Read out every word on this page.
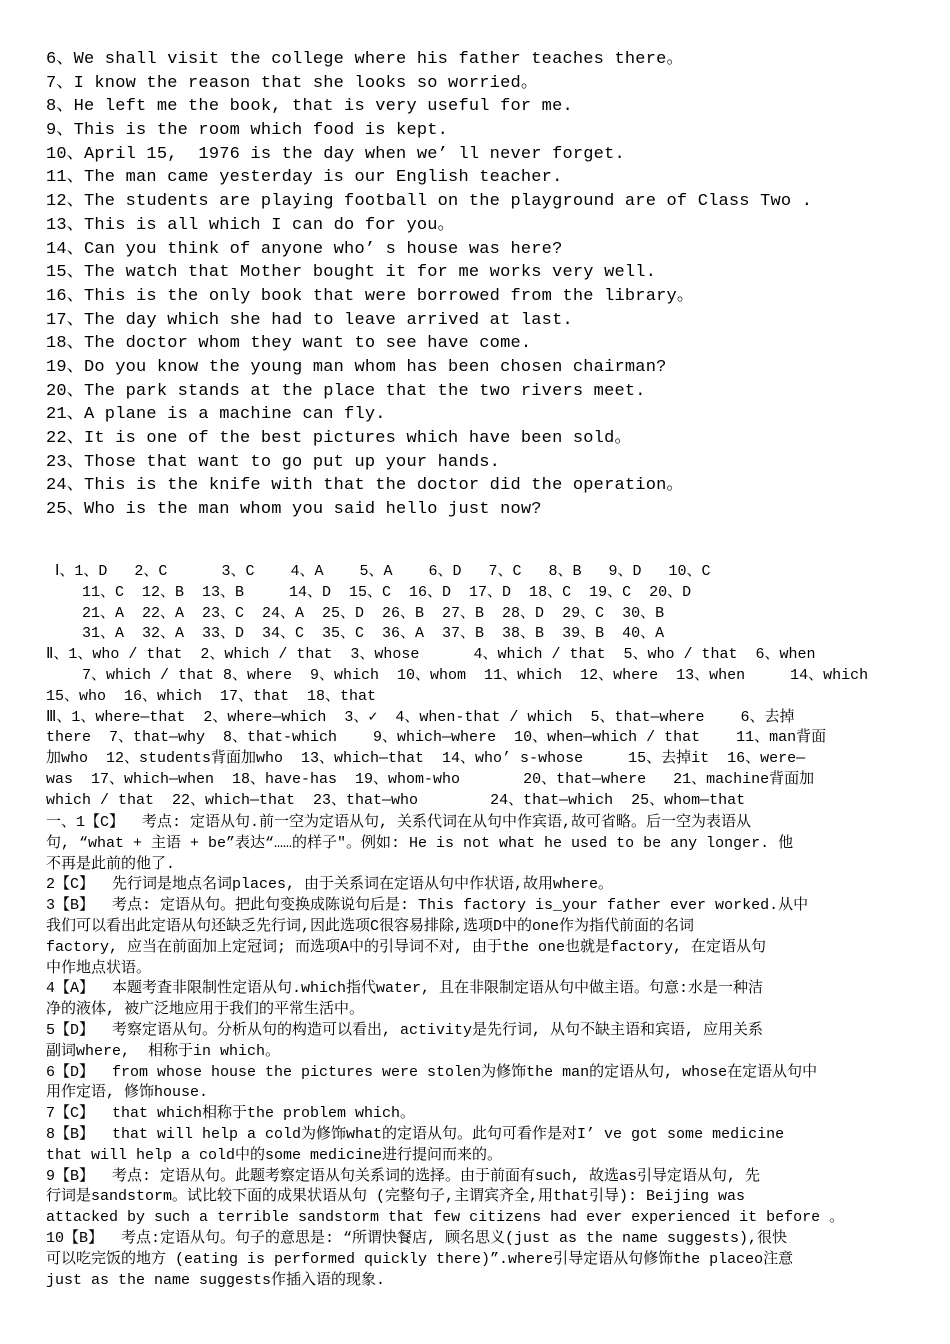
6、We shall visit the college where his father teaches there。
7、I know the reason that she looks so worried。
8、He left me the book, that is very useful for me.
9、This is the room which food is kept.
10、April 15,  1976 is the day when we’ ll never forget.
11、The man came yesterday is our English teacher.
12、The students are playing football on the playground are of Class Two .
13、This is all which I can do for you。
14、Can you think of anyone who’ s house was here?
15、The watch that Mother bought it for me works very well.
16、This is the only book that were borrowed from the library。
17、The day which she had to leave arrived at last.
18、The doctor whom they want to see have come.
19、Do you know the young man whom has been chosen chairman?
20、The park stands at the place that the two rivers meet.
21、A plane is a machine can fly.
22、It is one of the best pictures which have been sold。
23、Those that want to go put up your hands.
24、This is the knife with that the doctor did the operation。
25、Who is the man whom you said hello just now?
Ⅰ、1、D   2、C      3、C    4、A    5、A    6、D   7、C   8、B   9、D   10、C
11、C  12、B  13、B     14、D  15、C  16、D  17、D  18、C  19、C  20、D
21、A  22、A  23、C  24、A  25、D  26、B  27、B  28、D  29、C  30、B
31、A  32、A  33、D  34、C  35、C  36、A  37、B  38、B  39、B  40、A
Ⅱ、1、who / that  2、which / that  3、whose      4、which / that  5、who / that  6、when
7、which / that 8、where  9、which  10、whom  11、which  12、where  13、when     14、which
15、who  16、which  17、that  18、that
Ⅲ、1、where—that  2、where—which  3、✓  4、when-that / which  5、that—where    6、去掉
there  7、that—why  8、that-which    9、which—where  10、when—which / that    11、man背面
加who  12、students背面加who  13、which—that  14、who’ s-whose     15、去掉it  16、were—
was  17、which—when  18、have-has  19、whom-who       20、that—where   21、machine背面加
which / that  22、which—that  23、that—who        24、that—which  25、whom—that
一、1【C】  考点: 定语从句.前一空为定语从句, 关系代词在从句中作宾语,故可省略。后一空为表语从
句, “what + 主语 + be”表达“……的样子"。例如: He is not what he used to be any longer. 他
不再是此前的他了.
2【C】  先行词是地点名词places, 由于关系词在定语从句中作状语,故用where。
3【B】  考点: 定语从句。把此句变换成陈说句后是: This factory is_your father ever worked.从中
我们可以看出此定语从句还缺乏先行词,因此选项C很容易排除,选项D中的one作为指代前面的名词
factory, 应当在前面加上定冠词; 而选项A中的引导词不对, 由于the one也就是factory, 在定语从句
中作地点状语。
4【A】  本题考査非限制性定语从句.which指代water, 且在非限制定语从句中做主语。句意:水是一种洁
净的液体, 被广泛地应用于我们的平常生活中。
5【D】  考察定语从句。分析从句的构造可以看出, activity是先行词, 从句不缺主语和宾语, 应用关系
副词where,  相称于in which。
6【D】  from whose house the pictures were stolen为修饰the man的定语从句, whose在定语从句中
用作定语, 修饰house.
7【C】  that which相称于the problem which。
8【B】  that will help a cold为修饰what的定语从句。此句可看作是对I’ ve got some medicine
that will help a cold中的some medicine进行提问而来的。
9【B】  考点: 定语从句。此题考察定语从句关系词的选择。由于前面有such, 故选as引导定语从句, 先
行词是sandstorm。试比较下面的成果状语从句 (完整句子,主谓宾齐全,用that引导): Beijing was
attacked by such a terrible sandstorm that few citizens had ever experienced it before 。
10【B】  考点:定语从句。句子的意思是: “所谓快餐店, 顾名思义(just as the name suggests),很快
可以吃完饭的地方 (eating is performed quickly there)”.where引导定语从句修饰the placeo注意
just as the name suggests作插入语的现象.
